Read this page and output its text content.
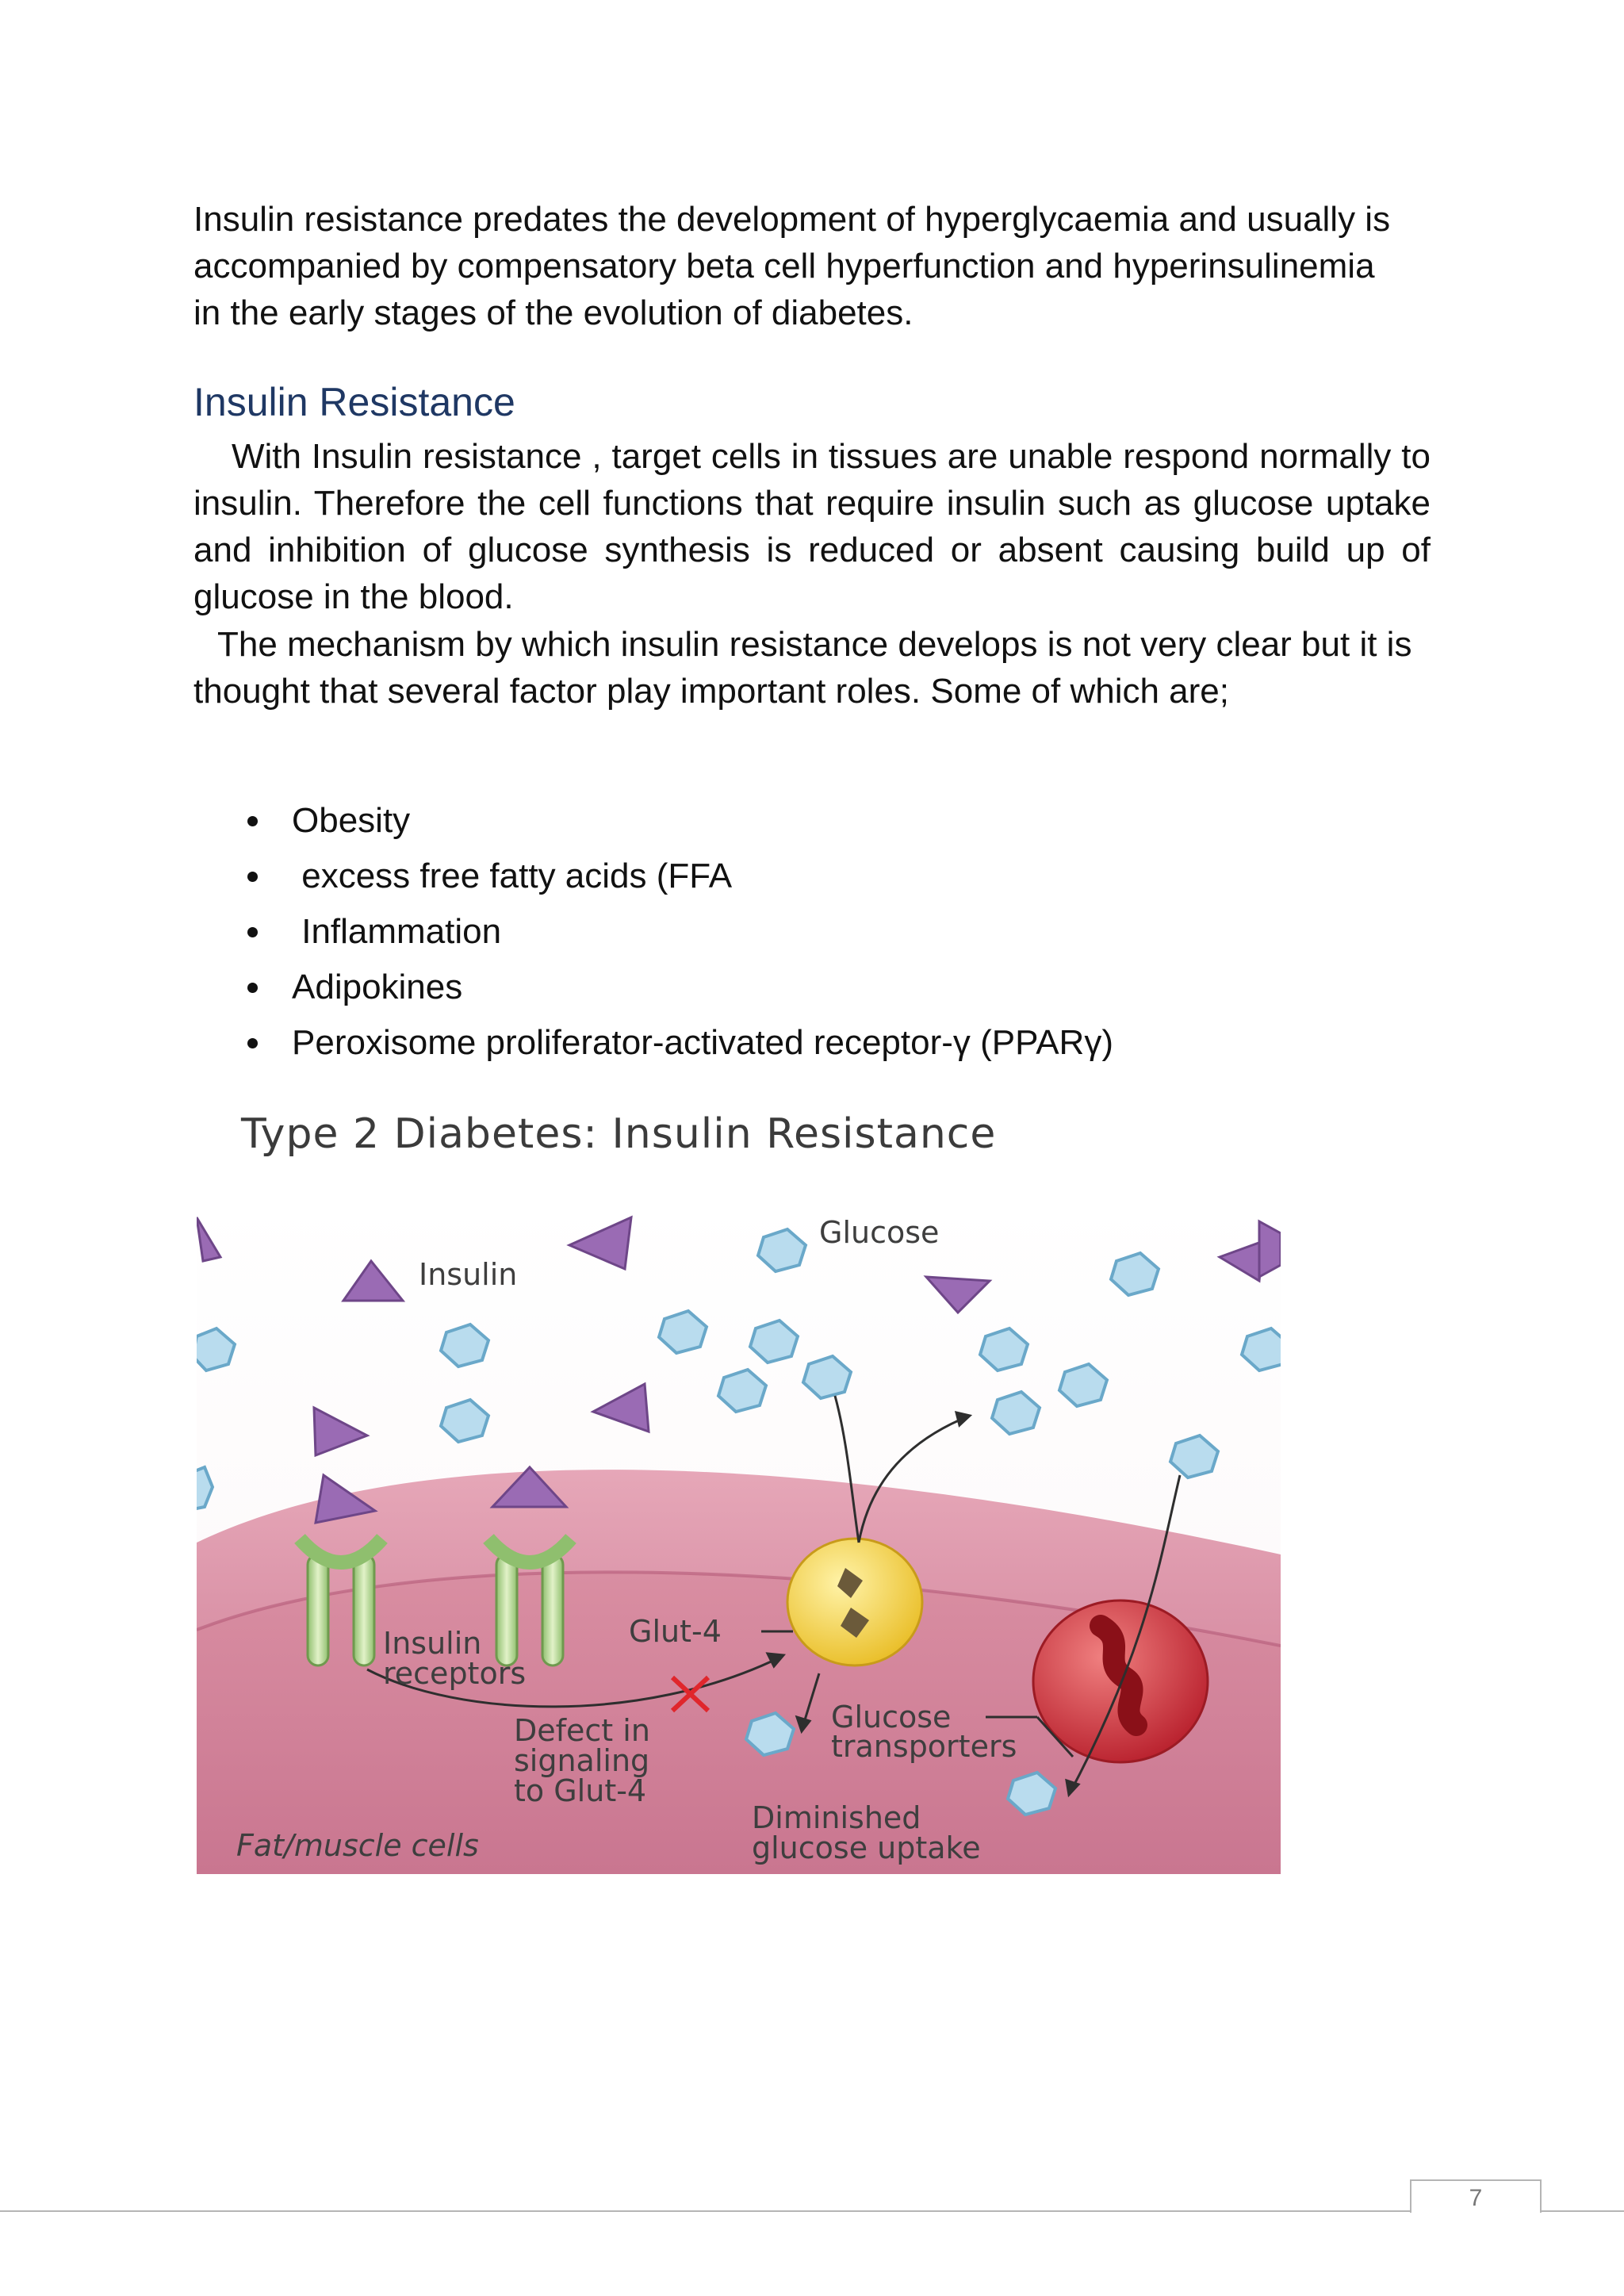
Insulin resistance predates the development of hyperglycaemia and usually is
accompanied by compensatory beta cell hyperfunction and hyperinsulinemia
in the early stages of the evolution of diabetes.
Insulin Resistance

With Insulin resistance , target cells in tissues are unable respond normally to insulin. Therefore the cell functions that require insulin such as glucose uptake and inhibition of glucose synthesis is reduced or absent causing build up of glucose in the blood.

The mechanism by which insulin resistance develops is not very clear but it is
thought that several factor play important roles. Some of which are;
Obesity
excess free fatty acids (FFA
Inflammation
Adipokines
Peroxisome proliferator-activated receptor-γ (PPARγ)
Type 2 Diabetes: Insulin Resistance
Glucose
Insulin
Glut-4
Insulin
receptors
Defect in
signaling
to Glut-4
Glucose
transporters
Diminished
glucose uptake
Fat/muscle cells
7
